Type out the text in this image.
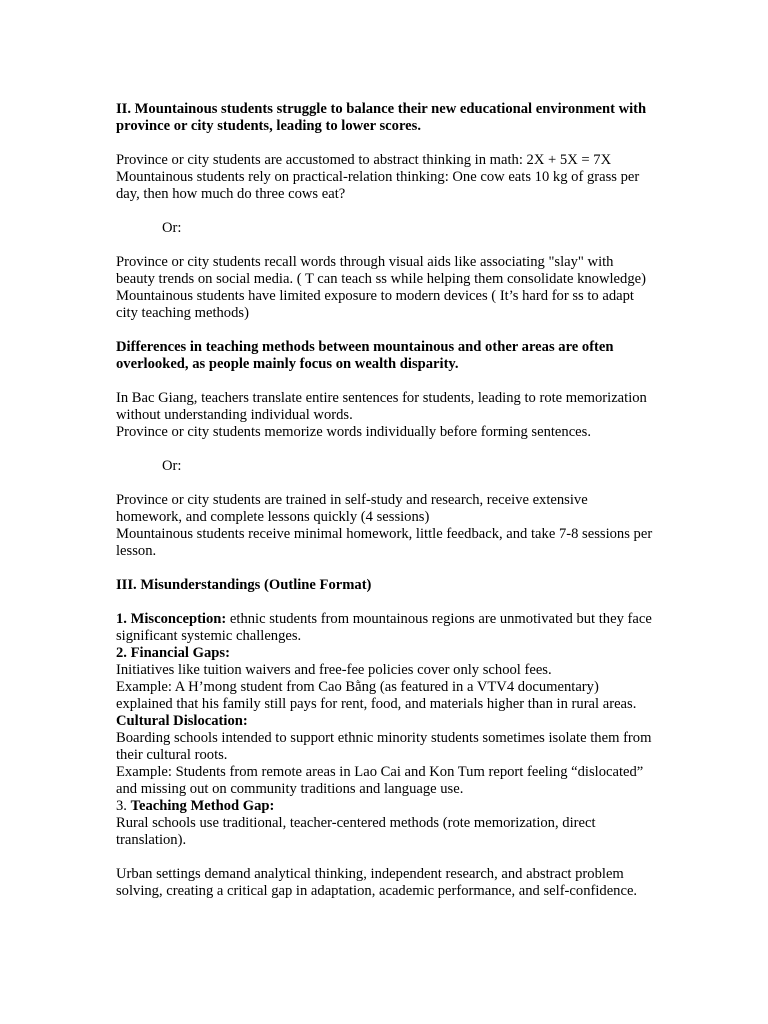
II. Mountainous students struggle to balance their new educational environment with province or city students, leading to lower scores.

Province or city students are accustomed to abstract thinking in math: 2X + 5X = 7X
Mountainous students rely on practical-relation thinking: One cow eats 10 kg of grass per day, then how much do three cows eat?

Or:

Province or city students recall words through visual aids like associating "slay" with beauty trends on social media. ( T can teach ss while helping them consolidate knowledge)
Mountainous students have limited exposure to modern devices ( It’s hard for ss to adapt city teaching methods)

Differences in teaching methods between mountainous and other areas are often overlooked, as people mainly focus on wealth disparity.

In Bac Giang, teachers translate entire sentences for students, leading to rote memorization without understanding individual words.
Province or city students memorize words individually before forming sentences.

Or:

Province or city students are trained in self-study and research, receive extensive homework, and complete lessons quickly (4 sessions)
Mountainous students receive minimal homework, little feedback, and take 7-8 sessions per lesson.

III. Misunderstandings (Outline Format)

1. Misconception: ethnic students from mountainous regions are unmotivated but they face significant systemic challenges.

2. Financial Gaps:

Initiatives like tuition waivers and free-fee policies cover only school fees.

Example: A H’mong student from Cao Bằng (as featured in a VTV4 documentary) explained that his family still pays for rent, food, and materials higher than in rural areas.

Cultural Dislocation:

Boarding schools intended to support ethnic minority students sometimes isolate them from their cultural roots.

Example: Students from remote areas in Lao Cai and Kon Tum report feeling “dislocated” and missing out on community traditions and language use.

3. Teaching Method Gap:

Rural schools use traditional, teacher-centered methods (rote memorization, direct translation).

Urban settings demand analytical thinking, independent research, and abstract problem solving, creating a critical gap in adaptation, academic performance, and self-confidence.
